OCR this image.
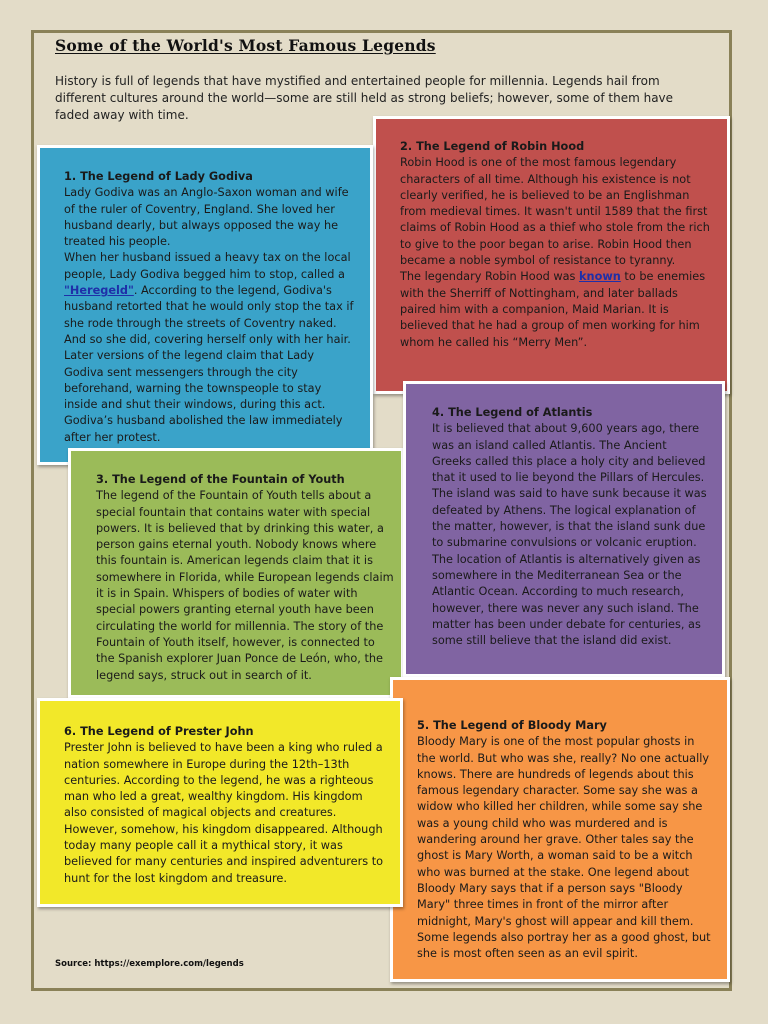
Some of the World's Most Famous Legends
History is full of legends that have mystified and entertained people for millennia. Legends hail from different cultures around the world—some are still held as strong beliefs; however, some of them have faded away with time.

1. The Legend of Lady Godiva

Lady Godiva was an Anglo-Saxon woman and wife of the ruler of Coventry, England. She loved her husband dearly, but always opposed the way he treated his people.

When her husband issued a heavy tax on the local people, Lady Godiva begged him to stop, called a "Heregeld". According to the legend, Godiva's husband retorted that he would only stop the tax if she rode through the streets of Coventry naked. And so she did, covering herself only with her hair. Later versions of the legend claim that Lady Godiva sent messengers through the city beforehand, warning the townspeople to stay inside and shut their windows, during this act. Godiva’s husband abolished the law immediately after her protest.

2. The Legend of Robin Hood

Robin Hood is one of the most famous legendary characters of all time. Although his existence is not clearly verified, he is believed to be an Englishman from medieval times. It wasn't until 1589 that the first claims of Robin Hood as a thief who stole from the rich to give to the poor began to arise. Robin Hood then became a noble symbol of resistance to tyranny.

The legendary Robin Hood was known to be enemies with the Sherriff of Nottingham, and later ballads paired him with a companion, Maid Marian. It is believed that he had a group of men working for him whom he called his “Merry Men”.

3. The Legend of the Fountain of Youth

The legend of the Fountain of Youth tells about a special fountain that contains water with special powers. It is believed that by drinking this water, a person gains eternal youth. Nobody knows where this fountain is. American legends claim that it is somewhere in Florida, while European legends claim it is in Spain. Whispers of bodies of water with special powers granting eternal youth have been circulating the world for millennia. The story of the Fountain of Youth itself, however, is connected to the Spanish explorer Juan Ponce de León, who, the legend says, struck out in search of it.

4. The Legend of Atlantis

It is believed that about 9,600 years ago, there was an island called Atlantis. The Ancient Greeks called this place a holy city and believed that it used to lie beyond the Pillars of Hercules. The island was said to have sunk because it was defeated by Athens. The logical explanation of the matter, however, is that the island sunk due to submarine convulsions or volcanic eruption. The location of Atlantis is alternatively given as somewhere in the Mediterranean Sea or the Atlantic Ocean. According to much research, however, there was never any such island. The matter has been under debate for centuries, as some still believe that the island did exist.

5. The Legend of Bloody Mary

Bloody Mary is one of the most popular ghosts in the world. But who was she, really? No one actually knows. There are hundreds of legends about this famous legendary character. Some say she was a widow who killed her children, while some say she was a young child who was murdered and is wandering around her grave. Other tales say the ghost is Mary Worth, a woman said to be a witch who was burned at the stake. One legend about Bloody Mary says that if a person says "Bloody Mary" three times in front of the mirror after midnight, Mary's ghost will appear and kill them. Some legends also portray her as a good ghost, but she is most often seen as an evil spirit.

6. The Legend of Prester John

Prester John is believed to have been a king who ruled a nation somewhere in Europe during the 12th–13th centuries. According to the legend, he was a righteous man who led a great, wealthy kingdom. His kingdom also consisted of magical objects and creatures. However, somehow, his kingdom disappeared. Although today many people call it a mythical story, it was believed for many centuries and inspired adventurers to hunt for the lost kingdom and treasure.

Source: https://exemplore.com/legends
